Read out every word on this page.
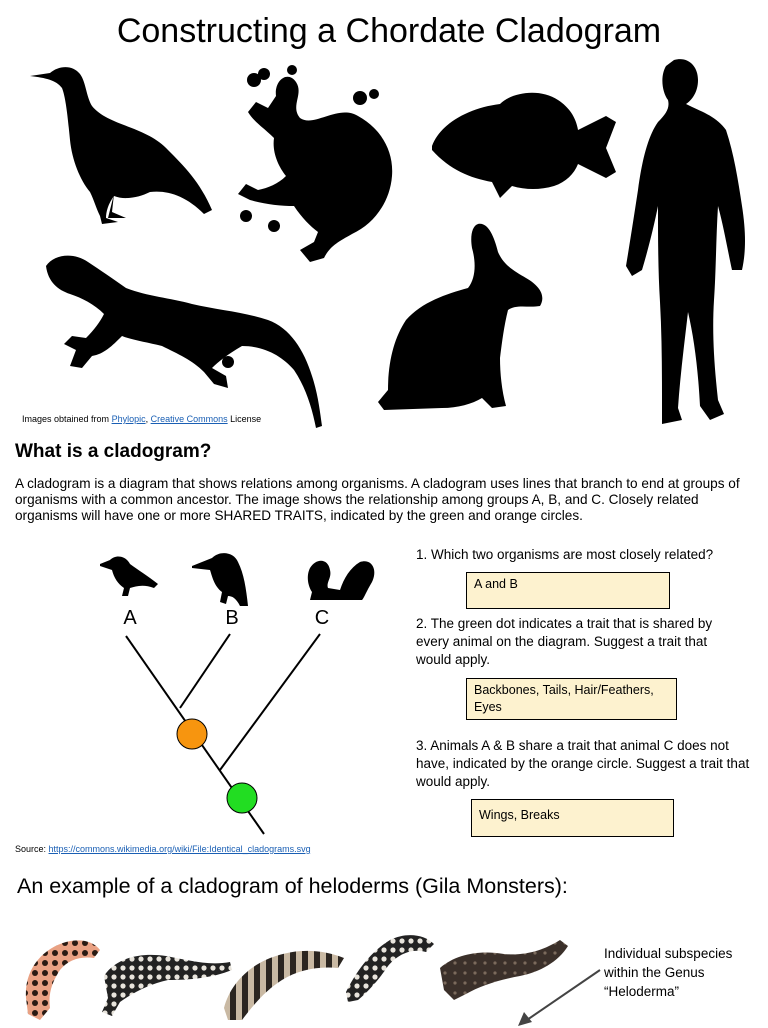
Constructing a Chordate Cladogram
Images obtained from Phylopic, Creative Commons License
What is a cladogram?
A cladogram is a diagram that shows relations among organisms. A cladogram uses lines that branch to end at groups of organisms with a common ancestor. The image shows the relationship among groups A, B, and C. Closely related organisms will have one or more SHARED TRAITS, indicated by the green and orange circles.
A	B	C
1. Which two organisms are most closely related?
A and B
2. The green dot indicates a trait that is shared by every animal on the diagram. Suggest a trait that would apply.
Backbones, Tails, Hair/Feathers, Eyes
3. Animals A & B share a trait that animal C does not have, indicated by the orange circle. Suggest a trait that would apply.
Wings, Breaks
Source: https://commons.wikimedia.org/wiki/File:Identical_cladograms.svg
An example of a cladogram of heloderms (Gila Monsters):
Individual subspecies within the Genus “Heloderma”
